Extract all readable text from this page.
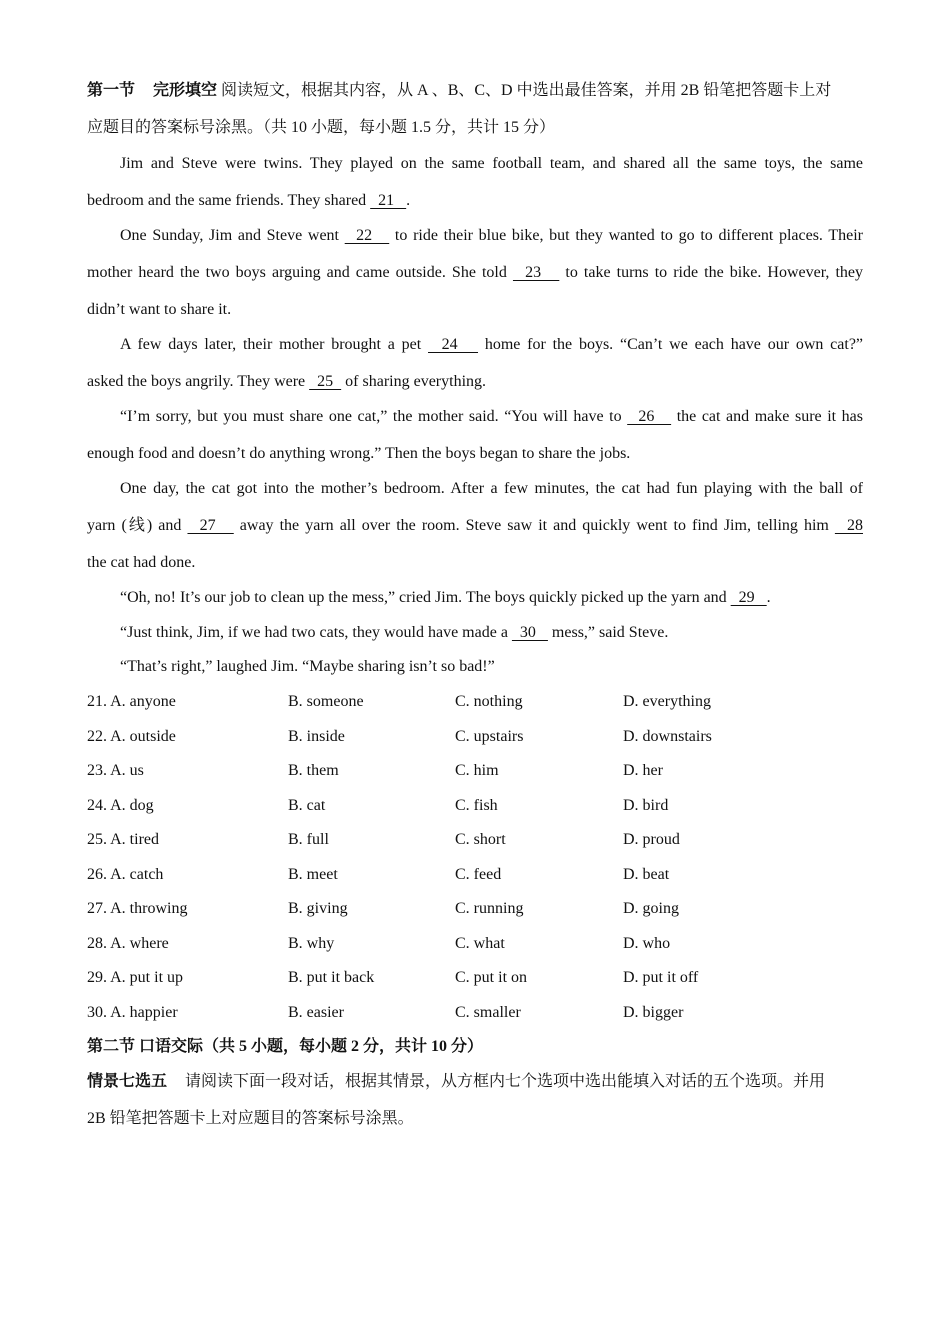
第一节 完形填空 阅读短文，根据其内容，从 A 、B、C、D 中选出最佳答案，并用 2B 铅笔把答题卡上对
应题目的答案标号涂黑。（共 10 小题，每小题 1.5 分，共计 15 分）
Jim and Steve were twins. They played on the same football team, and shared all the same toys, the same
bedroom and the same friends. They shared   21   .
One Sunday, Jim and Steve went   22    to ride their blue bike, but they wanted to go to different places. Their
mother heard the two boys arguing and came outside. She told   23    to take turns to ride the bike. However, they
didn’t want to share it.
A few days later, their mother brought a pet   24    home for the boys. “Can’t we each have our own cat?”
asked the boys angrily. They were   25   of sharing everything.
“I’m sorry, but you must share one cat,” the mother said. “You will have to   26    the cat and make sure it has
enough food and doesn’t do anything wrong.” Then the boys began to share the jobs.
One day, the cat got into the mother’s bedroom. After a few minutes, the cat had fun playing with the ball of
yarn (线) and   27    away the yarn all over the room. Steve saw it and quickly went to find Jim, telling him   28
the cat had done.
“Oh, no! It’s our job to clean up the mess,” cried Jim. The boys quickly picked up the yarn and   29   .
“Just think, Jim, if we had two cats, they would have made a   30    mess,” said Steve.
“That’s right,” laughed Jim. “Maybe sharing isn’t so bad!”
21. A. anyone	B. someone	C. nothing	D. everything
22. A. outside	B. inside	C. upstairs	D. downstairs
23. A. us	B. them	C. him	D. her
24. A. dog	B. cat	C. fish	D. bird
25. A. tired	B. full	C. short	D. proud
26. A. catch	B. meet	C. feed	D. beat
27. A. throwing	B. giving	C. running	D. going
28. A. where	B. why	C. what	D. who
29. A. put it up	B. put it back	C. put it on	D. put it off
30. A. happier	B. easier	C. smaller	D. bigger
第二节 口语交际（共 5 小题，每小题 2 分，共计 10 分）
情景七选五 请阅读下面一段对话，根据其情景，从方框内七个选项中选出能填入对话的五个选项。并用
2B 铅笔把答题卡上对应题目的答案标号涂黑。
